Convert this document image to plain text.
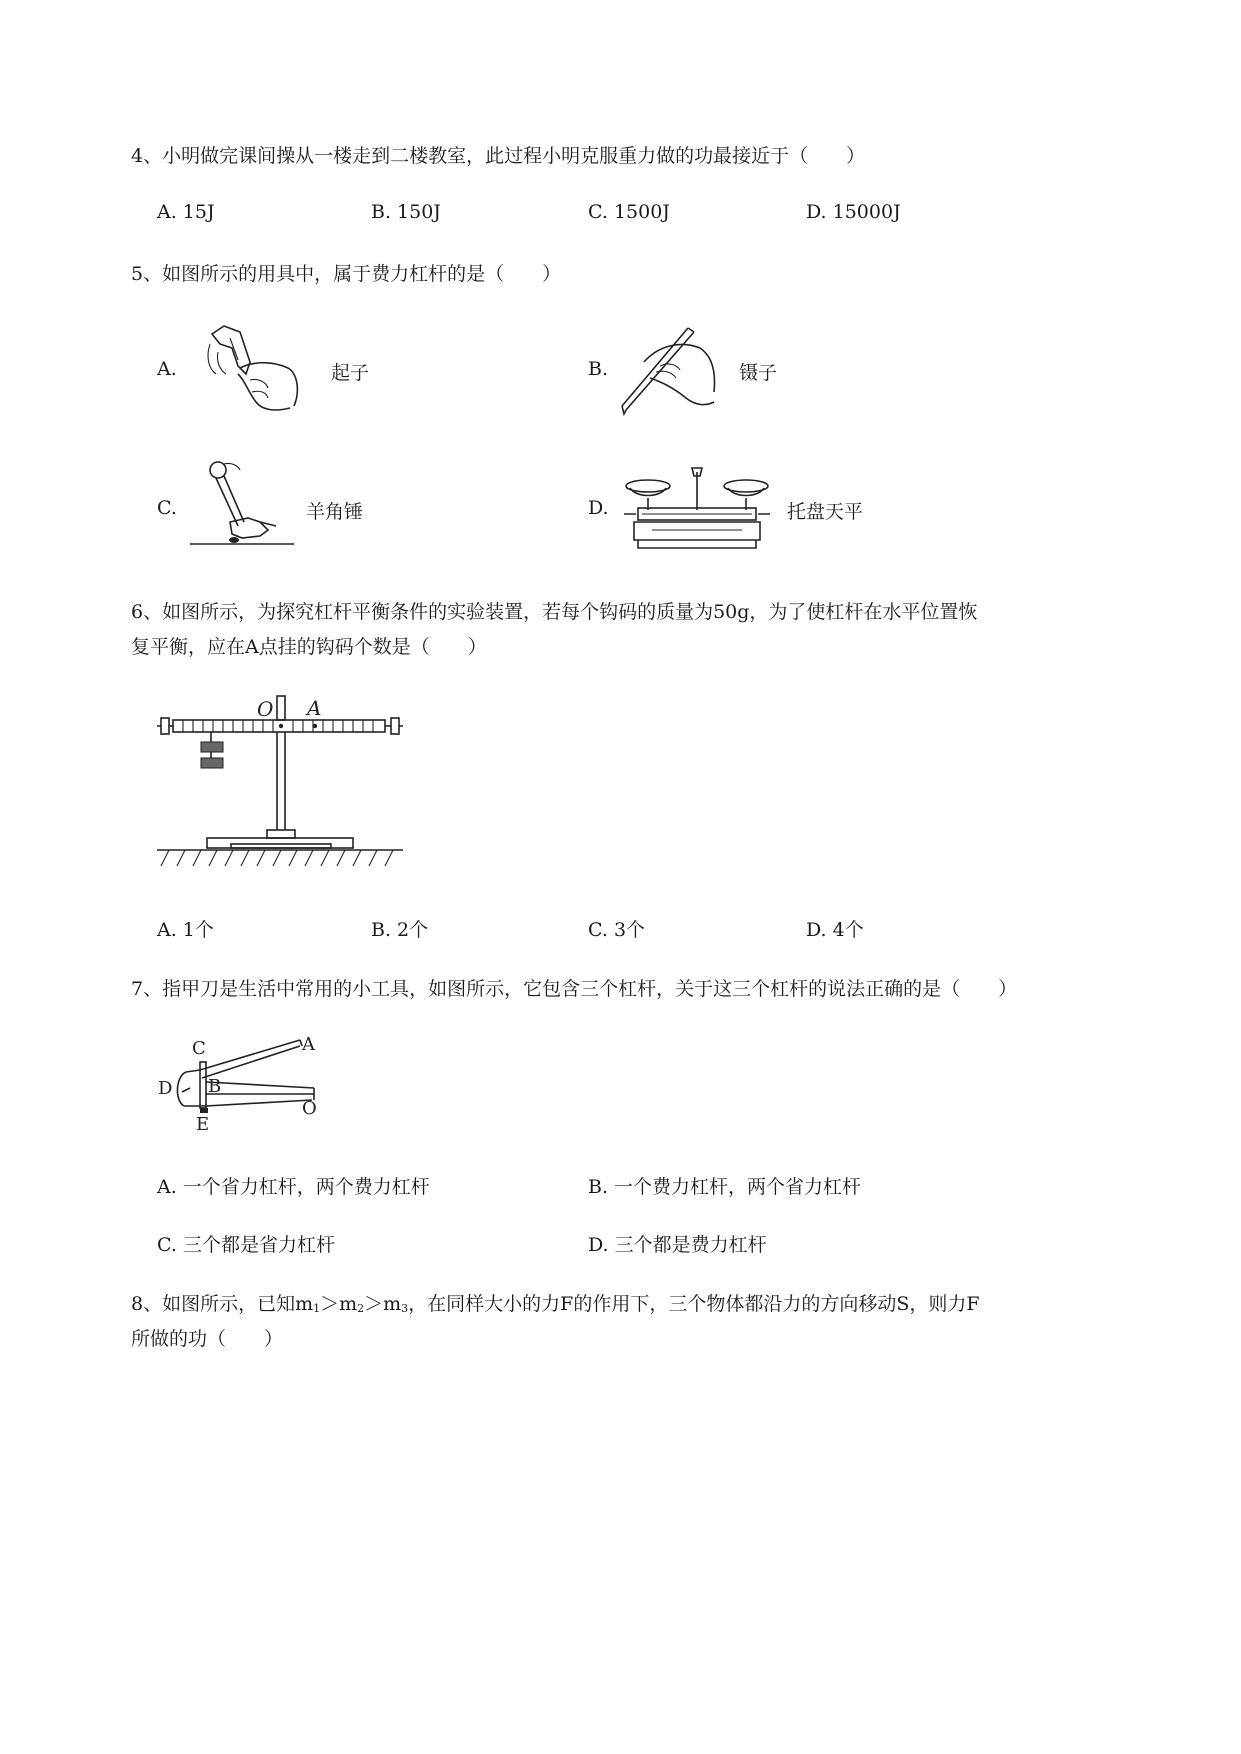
4、小明做完课间操从一楼走到二楼教室，此过程小明克服重力做的功最接近于（　　）
A. 15J	B. 150J	C. 1500J	D. 15000J
5、如图所示的用具中，属于费力杠杆的是（　　）
A.	起子	B.	镊子
C.	羊角锤	D.	托盘天平
6、如图所示，为探究杠杆平衡条件的实验装置，若每个钩码的质量为50g，为了使杠杆在水平位置恢
复平衡，应在A点挂的钩码个数是（　　）
O A
A. 1个	B. 2个	C. 3个	D. 4个
7、指甲刀是生活中常用的小工具，如图所示，它包含三个杠杆，关于这三个杠杆的说法正确的是（　　）
C	A
D B
O
E
A. 一个省力杠杆，两个费力杠杆	B. 一个费力杠杆，两个省力杠杆
C. 三个都是省力杠杆	D. 三个都是费力杠杆
8、如图所示，已知$m_1>m_2>m_3$，在同样大小的力F的作用下，三个物体都沿力的方向移动S，则力F
所做的功（　　）
